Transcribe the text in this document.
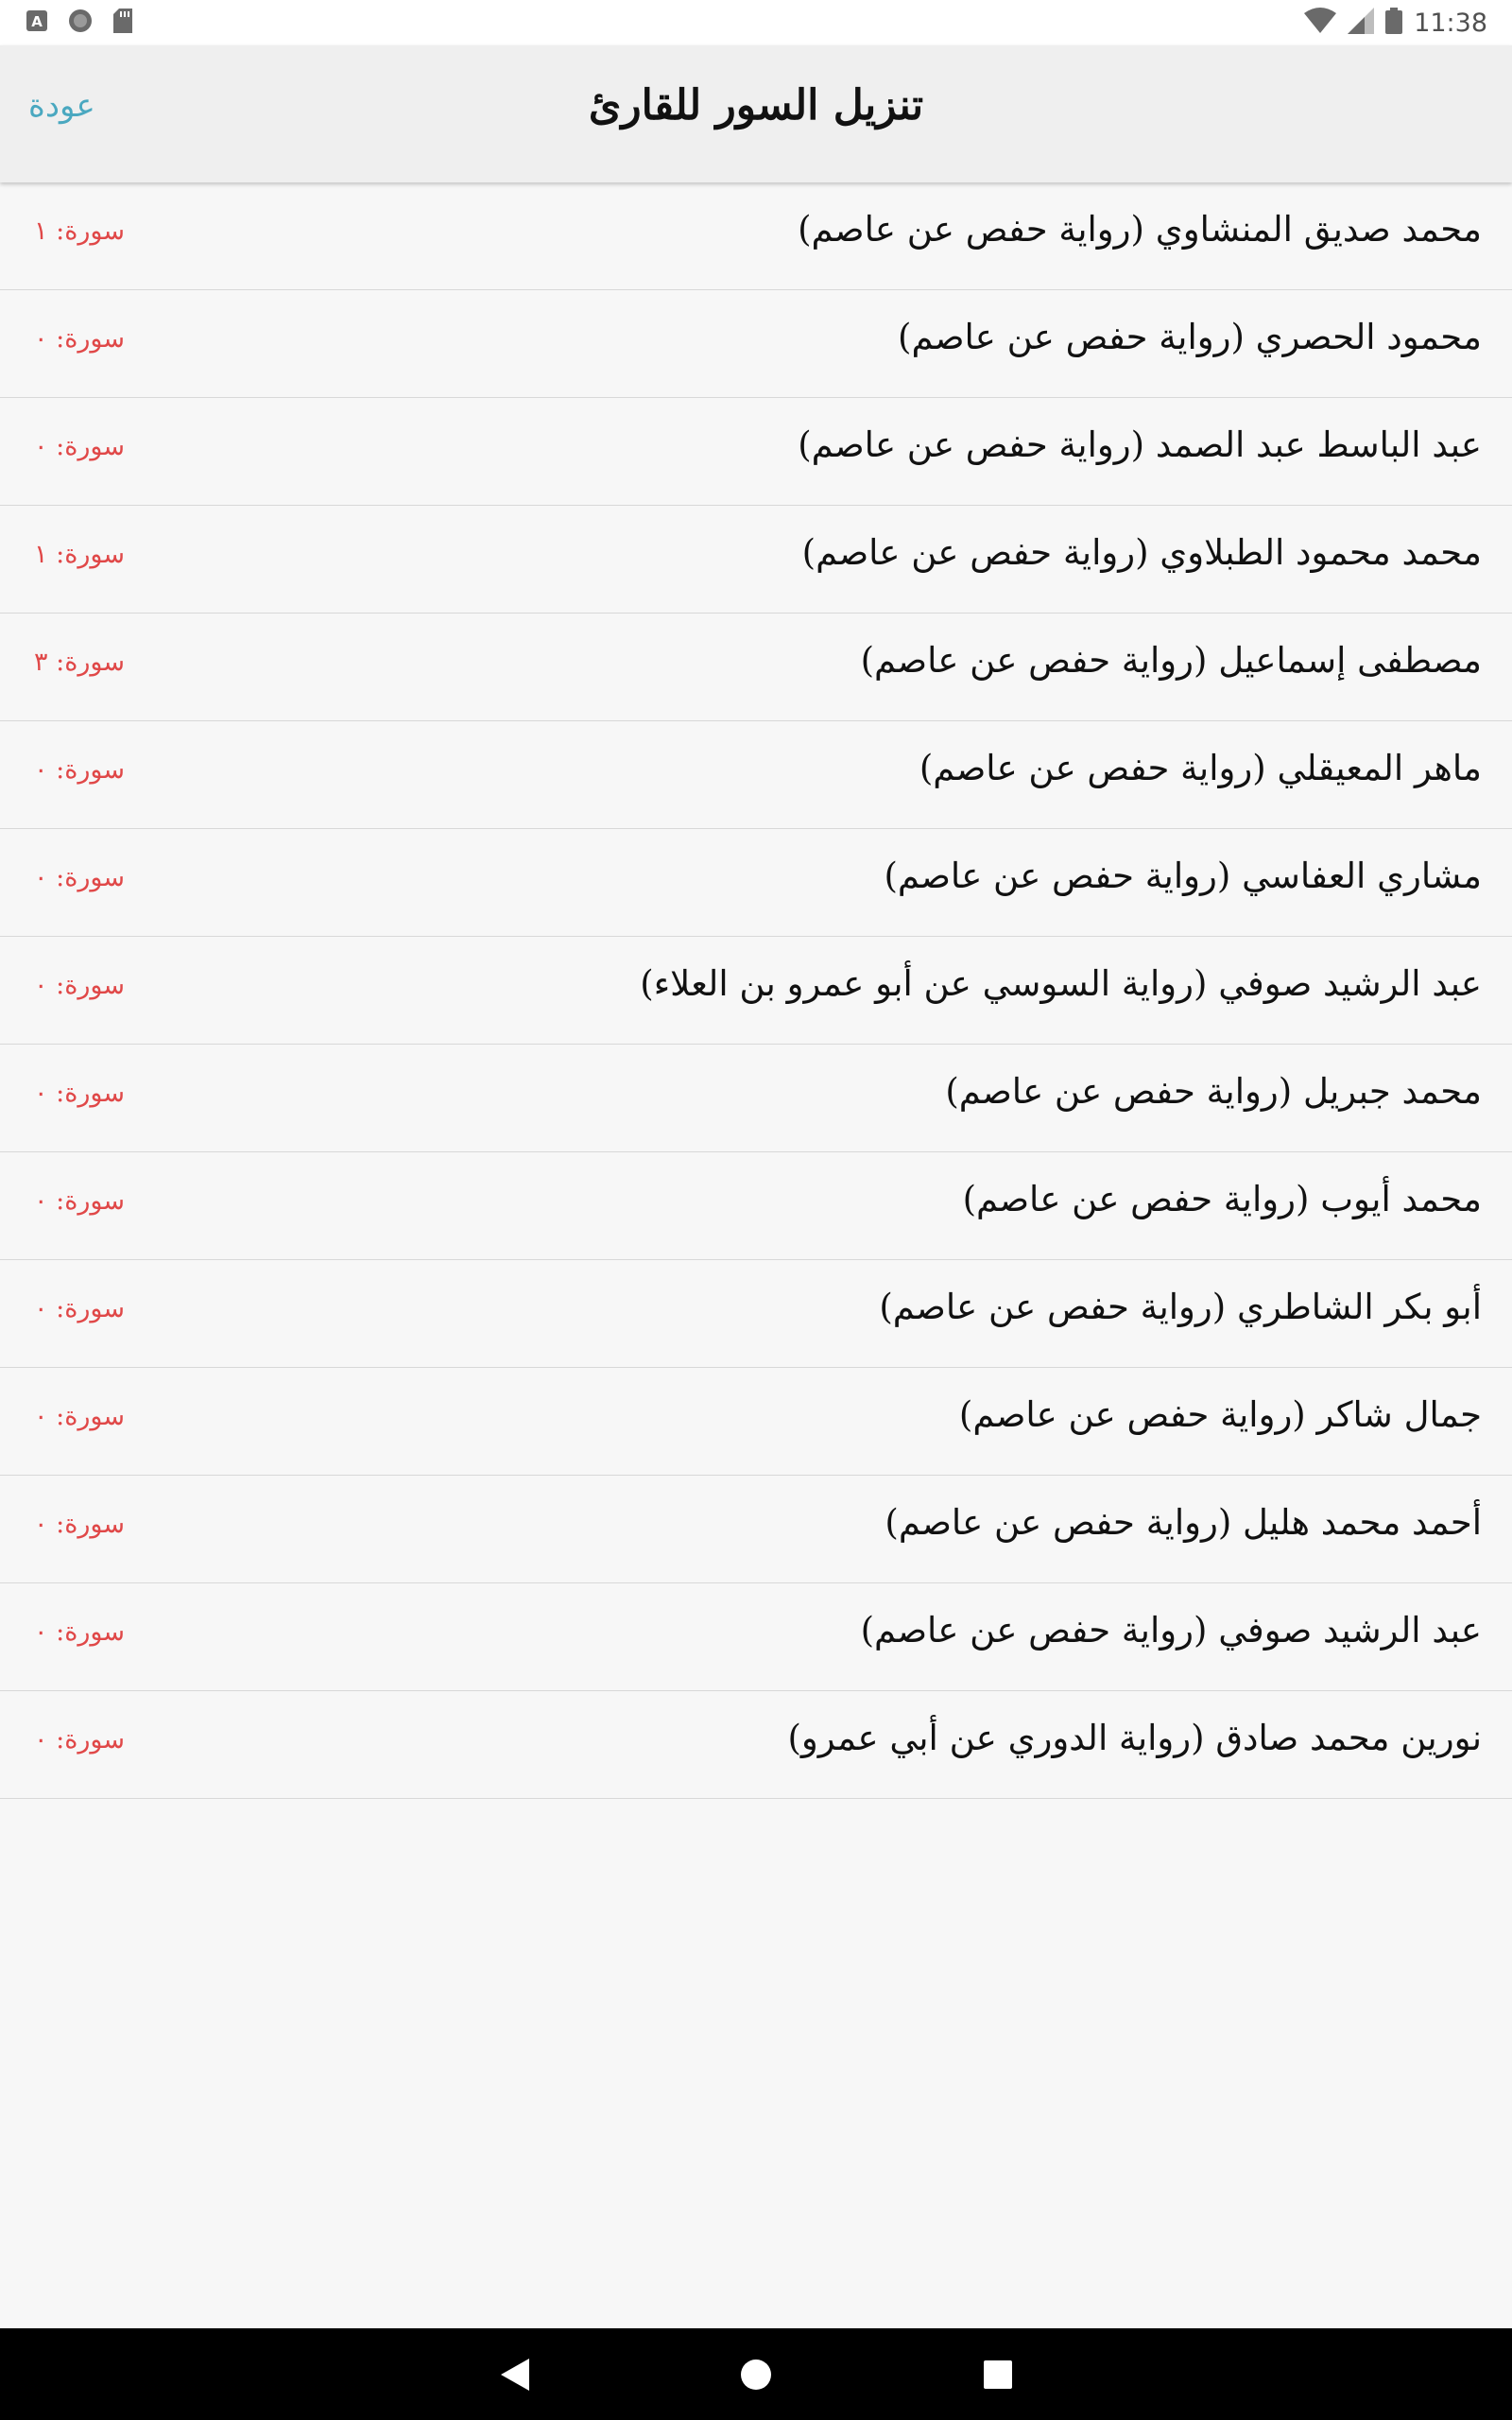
A	11:38
عودة	تنزيل السور للقارئ
محمد صديق المنشاوي (رواية حفص عن عاصم)
سورة: ١
محمود الحصري (رواية حفص عن عاصم)
سورة: ٠
عبد الباسط عبد الصمد (رواية حفص عن عاصم)
سورة: ٠
محمد محمود الطبلاوي (رواية حفص عن عاصم)
سورة: ١
مصطفى إسماعيل (رواية حفص عن عاصم)
سورة: ٣
ماهر المعيقلي (رواية حفص عن عاصم)
سورة: ٠
مشاري العفاسي (رواية حفص عن عاصم)
سورة: ٠
عبد الرشيد صوفي (رواية السوسي عن أبو عمرو بن العلاء)
سورة: ٠
محمد جبريل (رواية حفص عن عاصم)
سورة: ٠
محمد أيوب (رواية حفص عن عاصم)
سورة: ٠
أبو بكر الشاطري (رواية حفص عن عاصم)
سورة: ٠
جمال شاكر (رواية حفص عن عاصم)
سورة: ٠
أحمد محمد هليل (رواية حفص عن عاصم)
سورة: ٠
عبد الرشيد صوفي (رواية حفص عن عاصم)
سورة: ٠
نورين محمد صادق (رواية الدوري عن أبي عمرو)
سورة: ٠
